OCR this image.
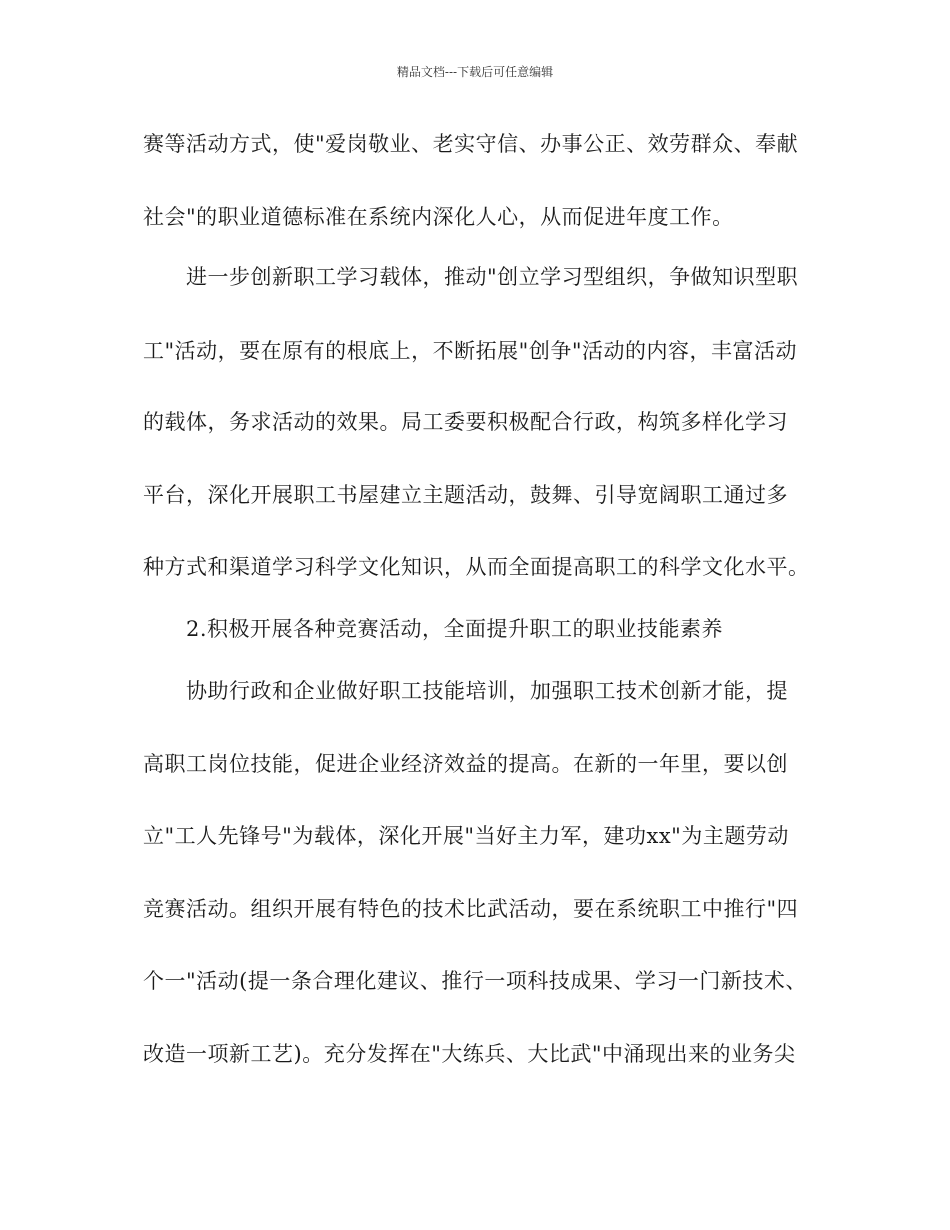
精品文档---下载后可任意编辑
赛等活动方式，使"爱岗敬业、老实守信、办事公正、效劳群众、奉献
社会"的职业道德标准在系统内深化人心，从而促进年度工作。
　　进一步创新职工学习载体，推动"创立学习型组织，争做知识型职
工"活动，要在原有的根底上，不断拓展"创争"活动的内容，丰富活动
的载体，务求活动的效果。局工委要积极配合行政，构筑多样化学习
平台，深化开展职工书屋建立主题活动，鼓舞、引导宽阔职工通过多
种方式和渠道学习科学文化知识，从而全面提高职工的科学文化水平。
　　2.积极开展各种竞赛活动，全面提升职工的职业技能素养
　　协助行政和企业做好职工技能培训，加强职工技术创新才能，提
高职工岗位技能，促进企业经济效益的提高。在新的一年里，要以创
立"工人先锋号"为载体，深化开展"当好主力军，建功xx"为主题劳动
竞赛活动。组织开展有特色的技术比武活动，要在系统职工中推行"四
个一"活动(提一条合理化建议、推行一项科技成果、学习一门新技术、
改造一项新工艺)。充分发挥在"大练兵、大比武"中涌现出来的业务尖
